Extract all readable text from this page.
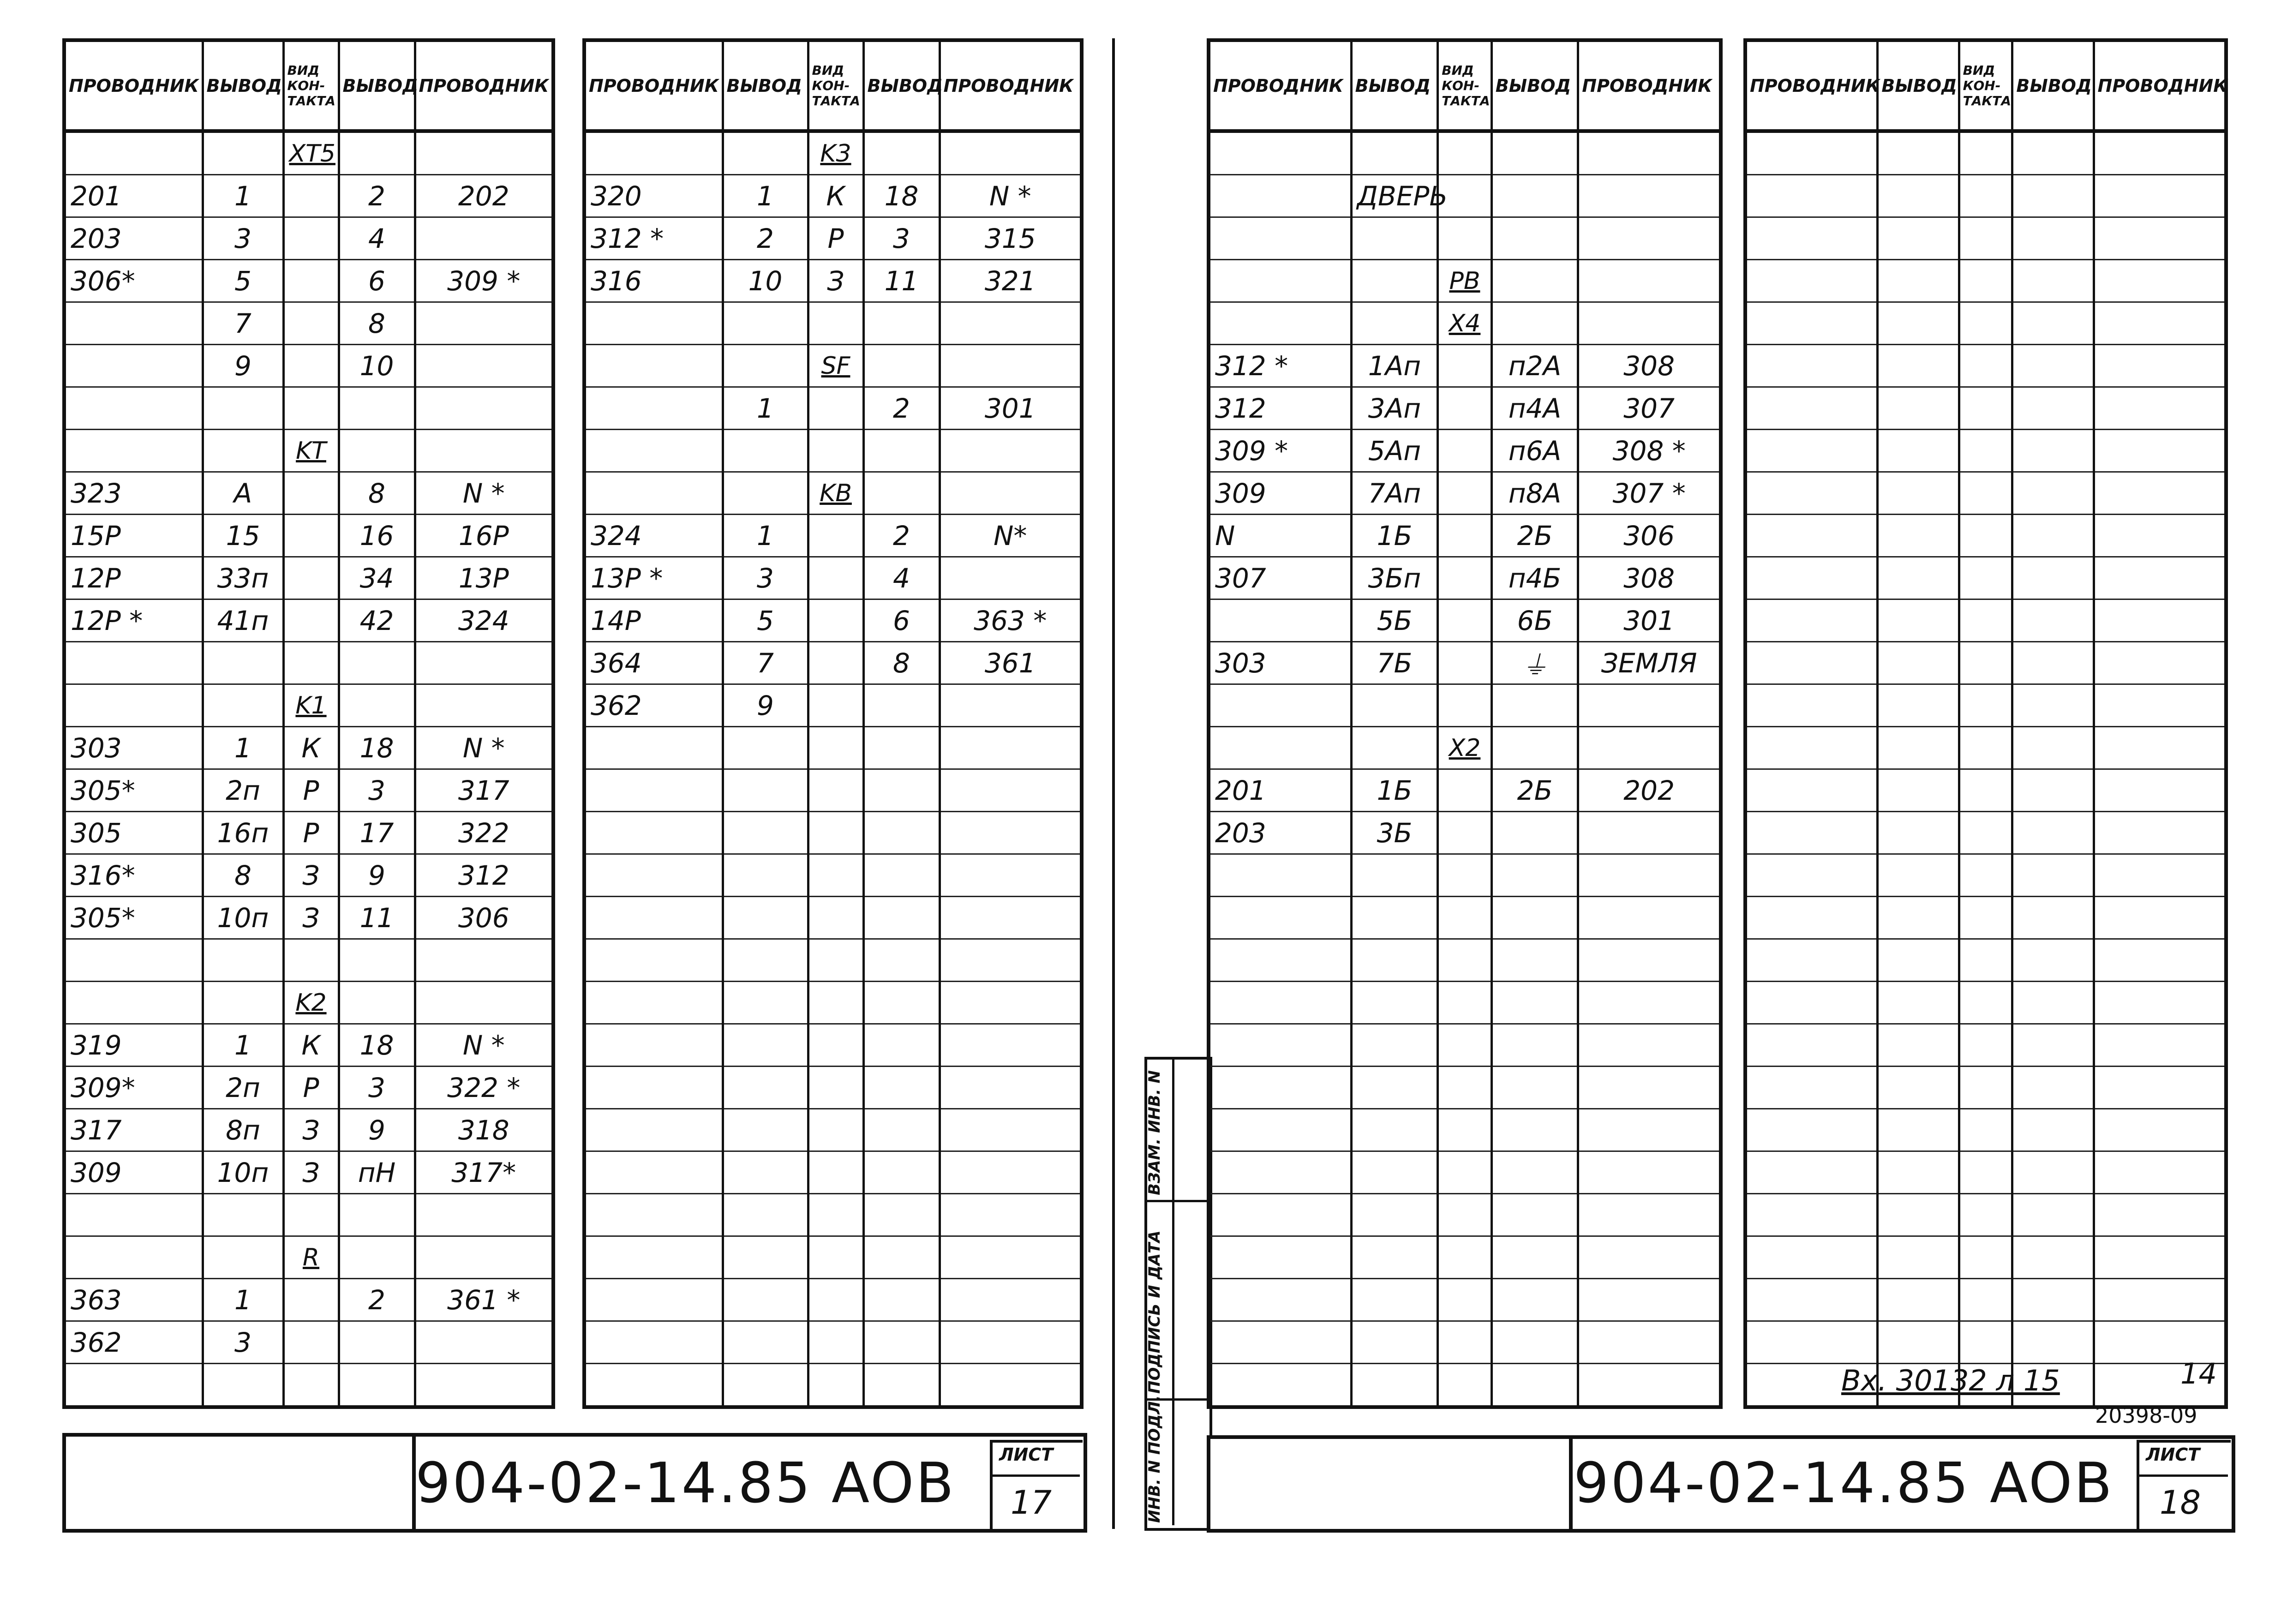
ПРОВОДНИК	ВЫВОД	ВИД КОН- ТАКТА	ВЫВОД	ПРОВОДНИК
		XT5		
201	1		2	202
203	3		4	
306*	5		6	309 *
	7		8	
	9		10	

		KT		
323	A		8	N *
15P	15		16	16P
12P	33п		34	13P
12P *	41п		42	324

		K1		
303	1	К	18	N *
305*	2п	Р	3	317
305	16п	Р	17	322
316*	8	З	9	312
305*	10п	З	11	306

		K2		
319	1	К	18	N *
309*	2п	Р	3	322 *
317	8п	З	9	318
309	10п	З	пH	317*

		R		
363	1		2	361 *
362	3			

ПРОВОДНИК	ВЫВОД	ВИД КОН- ТАКТА	ВЫВОД	ПРОВОДНИК
		K3		
320	1	К	18	N *
312 *	2	Р	3	315
316	10	З	11	321

		SF		
	1		2	301

		KB		
324	1		2	N*
13P *	3		4	
14P	5		6	363 *
364	7		8	361
362	9			

904-02-14.85 AOB ЛИСТ
17	ИНВ. N ПОДЛ.
ПОДПИСЬ И ДАТА
ВЗАМ. ИНВ. N
ПРОВОДНИК	ВЫВОД	ВИД КОН- ТАКТА	ВЫВОД	ПРОВОДНИК

	ДВЕРЬ			

		PB		
		X4		
312 *	1Aп		п2A	308
312	3Aп		п4A	307
309 *	5Aп		п6A	308 *
309	7Aп		п8A	307 *
N	1Б		2Б	306
307	3Бп		п4Б	308
	5Б		6Б	301
303	7Б		⏚	ЗЕМЛЯ

		X2		
201	1Б		2Б	202
203	3Б			

ПРОВОДНИК	ВЫВОД	ВИД КОН- ТАКТА	ВЫВОД	ПРОВОДНИК

Вх. 30132 л 15	14
20398-09
904-02-14.85 AOB ЛИСТ
18
